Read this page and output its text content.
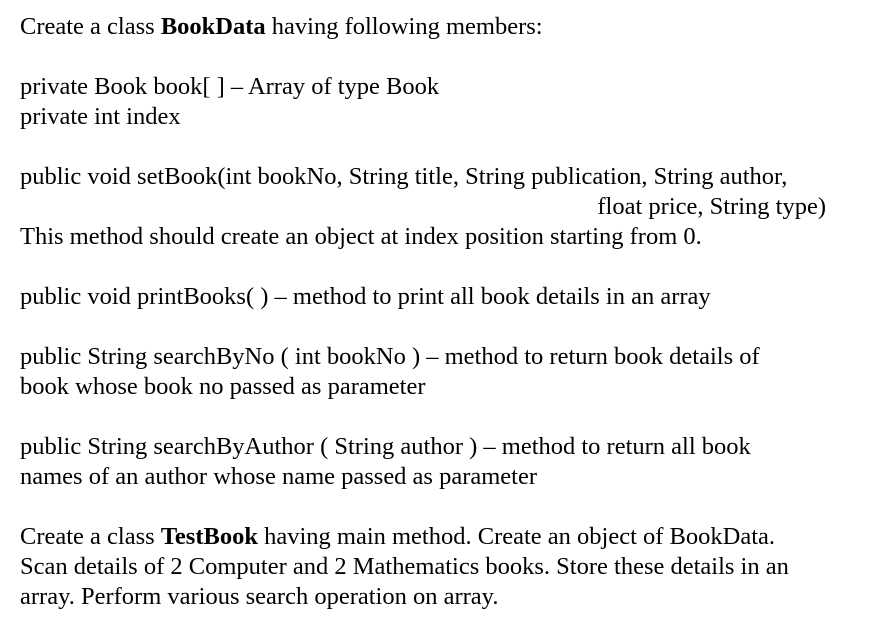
Create a class BookData having following members:

private Book book[ ] – Array of type Book
private int index

public void setBook(int bookNo, String title, String publication, String author,
float price, String type)
This method should create an object at index position starting from 0.

public void printBooks( ) – method to print all book details in an array

public String searchByNo ( int bookNo ) – method to return book details of
book whose book no passed as parameter

public String searchByAuthor ( String author ) – method to return all book
names of an author whose name passed as parameter

Create a class TestBook having main method. Create an object of BookData.
Scan details of 2 Computer and 2 Mathematics books. Store these details in an
array. Perform various search operation on array.
